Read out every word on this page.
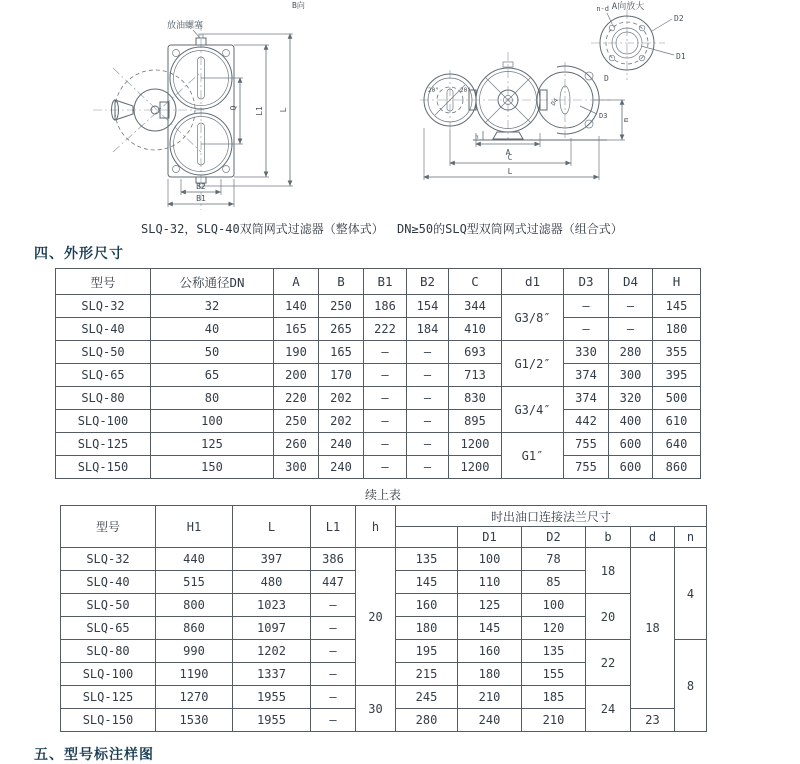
Q L1 L
B2
B1
放油螺塞
B向
20°	20°
D4
A向放大
n-d
D2
D1
D
D3 m
h
A
C
L
SLQ-32，SLQ-40双筒网式过滤器（整体式） DN≥50的SLQ型双筒网式过滤器（组合式）
四、外形尺寸
型号	公称通径DN	A	B	B1	B2	C	d1	D3	D4	H
SLQ-32	32	140	250	186	154	344	G3/8″	–	–	145
SLQ-40	40	165	265	222	184	410		–	–	180
SLQ-50	50	190	165	–	–	693	G1/2″	330	280	355
SLQ-65	65	200	170	–	–	713		374	300	395
SLQ-80	80	220	202	–	–	830	G3/4″	374	320	500
SLQ-100	100	250	202	–	–	895		442	400	610
SLQ-125	125	260	240	–	–	1200	G1″	755	600	640
SLQ-150	150	300	240	–	–	1200		755	600	860
续上表
型号	H1	L	L1	h	时出油口连接法兰尺寸					
						D1	D2	b	d	n
SLQ-32	440	397	386	20	135	100	78	18	18	4
SLQ-40	515	480	447		145	110	85			
SLQ-50	800	1023	–		160	125	100	20		
SLQ-65	860	1097	–		180	145	120			
SLQ-80	990	1202	–		195	160	135	22		8
SLQ-100	1190	1337	–		215	180	155			
SLQ-125	1270	1955	–	30	245	210	185	24		
SLQ-150	1530	1955	–		280	240	210		23	
五、型号标注样图
